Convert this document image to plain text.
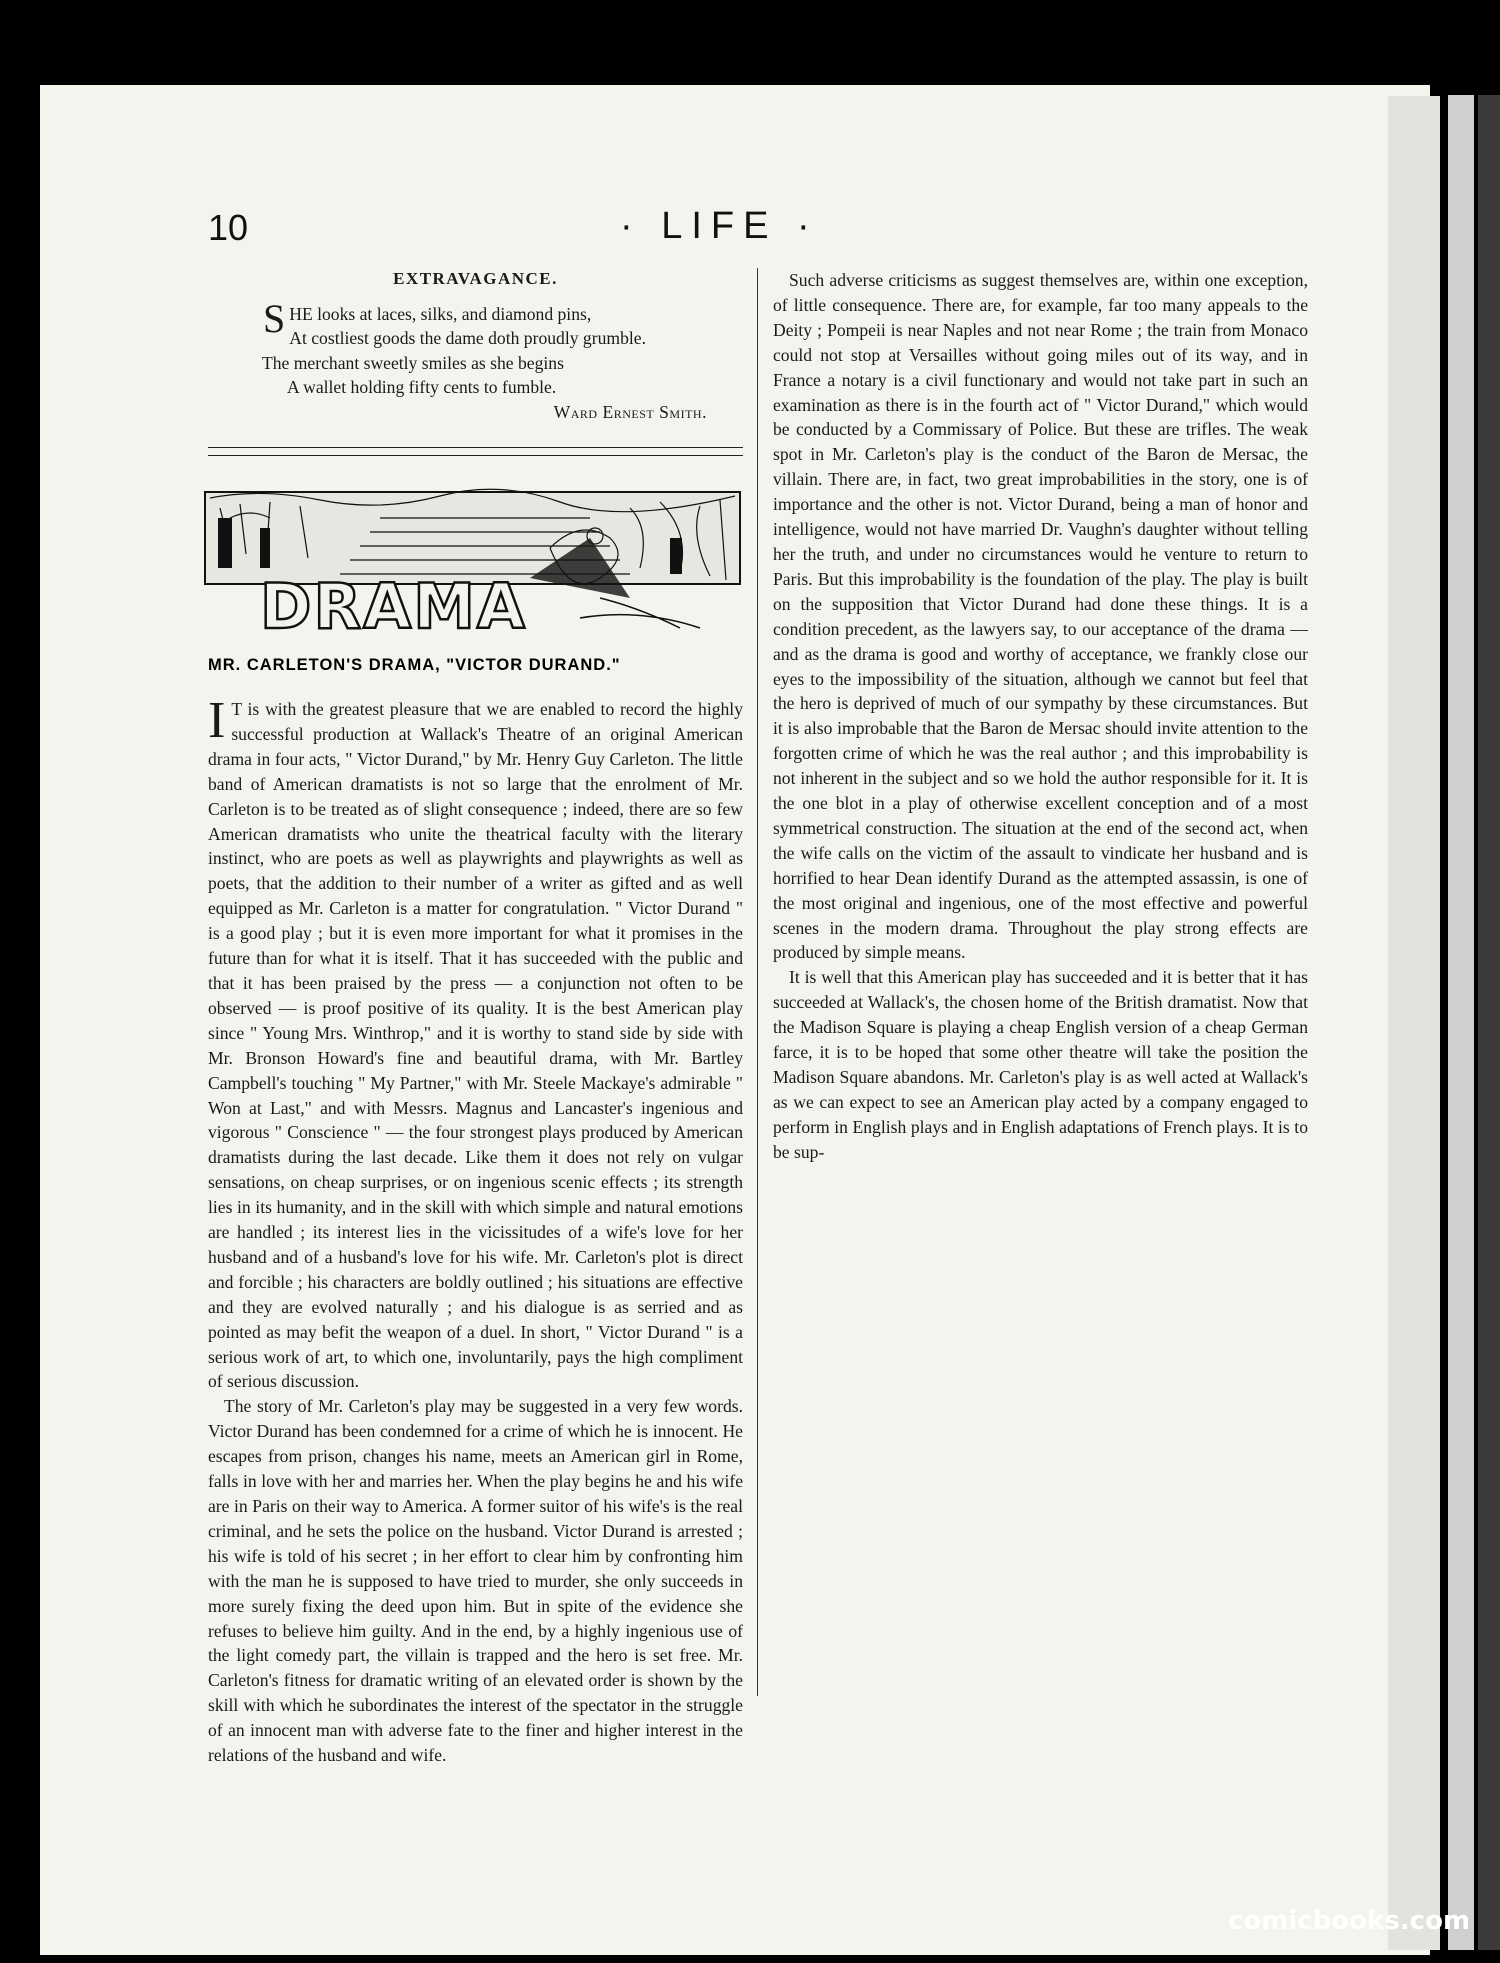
10	· LIFE ·
EXTRAVAGANCE.
S HE looks at laces, silks, and diamond pins,
At costliest goods the dame doth proudly grumble.
The merchant sweetly smiles as she begins
A wallet holding fifty cents to fumble.
Ward Ernest Smith.
DRAMA
MR. CARLETON'S DRAMA, "VICTOR DURAND."

I T is with the greatest pleasure that we are enabled to record the highly successful production at Wallack's Theatre of an original American drama in four acts, " Victor Durand," by Mr. Henry Guy Carleton. The little band of American dramatists is not so large that the enrolment of Mr. Carleton is to be treated as of slight consequence ; indeed, there are so few American dramatists who unite the theatrical faculty with the literary instinct, who are poets as well as playwrights and playwrights as well as poets, that the addition to their number of a writer as gifted and as well equipped as Mr. Carleton is a matter for congratulation. " Victor Durand " is a good play ; but it is even more important for what it promises in the future than for what it is itself. That it has succeeded with the public and that it has been praised by the press — a conjunction not often to be observed — is proof positive of its quality. It is the best American play since " Young Mrs. Winthrop," and it is worthy to stand side by side with Mr. Bronson Howard's fine and beautiful drama, with Mr. Bartley Campbell's touching " My Partner," with Mr. Steele Mackaye's admirable " Won at Last," and with Messrs. Magnus and Lancaster's ingenious and vigorous " Conscience " — the four strongest plays produced by American dramatists during the last decade. Like them it does not rely on vulgar sensations, on cheap surprises, or on ingenious scenic effects ; its strength lies in its humanity, and in the skill with which simple and natural emotions are handled ; its interest lies in the vicissitudes of a wife's love for her husband and of a husband's love for his wife. Mr. Carleton's plot is direct and forcible ; his characters are boldly outlined ; his situations are effective and they are evolved naturally ; and his dialogue is as serried and as pointed as may befit the weapon of a duel. In short, " Victor Durand " is a serious work of art, to which one, involuntarily, pays the high compliment of serious discussion.

The story of Mr. Carleton's play may be suggested in a very few words. Victor Durand has been condemned for a crime of which he is innocent. He escapes from prison, changes his name, meets an American girl in Rome, falls in love with her and marries her. When the play begins he and his wife are in Paris on their way to America. A former suitor of his wife's is the real criminal, and he sets the police on the husband. Victor Durand is arrested ; his wife is told of his secret ; in her effort to clear him by confronting him with the man he is supposed to have tried to murder, she only succeeds in more surely fixing the deed upon him. But in spite of the evidence she refuses to believe him guilty. And in the end, by a highly ingenious use of the light comedy part, the villain is trapped and the hero is set free. Mr. Carleton's fitness for dramatic writing of an elevated order is shown by the skill with which he subordinates the interest of the spectator in the struggle of an innocent man with adverse fate to the finer and higher interest in the relations of the husband and wife.

Such adverse criticisms as suggest themselves are, within one exception, of little consequence. There are, for example, far too many appeals to the Deity ; Pompeii is near Naples and not near Rome ; the train from Monaco could not stop at Versailles without going miles out of its way, and in France a notary is a civil functionary and would not take part in such an examination as there is in the fourth act of " Victor Durand," which would be conducted by a Commissary of Police. But these are trifles. The weak spot in Mr. Carleton's play is the conduct of the Baron de Mersac, the villain. There are, in fact, two great improbabilities in the story, one is of importance and the other is not. Victor Durand, being a man of honor and intelligence, would not have married Dr. Vaughn's daughter without telling her the truth, and under no circumstances would he venture to return to Paris. But this improbability is the foundation of the play. The play is built on the supposition that Victor Durand had done these things. It is a condition precedent, as the lawyers say, to our acceptance of the drama —and as the drama is good and worthy of acceptance, we frankly close our eyes to the impossibility of the situation, although we cannot but feel that the hero is deprived of much of our sympathy by these circumstances. But it is also improbable that the Baron de Mersac should invite attention to the forgotten crime of which he was the real author ; and this improbability is not inherent in the subject and so we hold the author responsible for it. It is the one blot in a play of otherwise excellent conception and of a most symmetrical construction. The situation at the end of the second act, when the wife calls on the victim of the assault to vindicate her husband and is horrified to hear Dean identify Durand as the attempted assassin, is one of the most original and ingenious, one of the most effective and powerful scenes in the modern drama. Throughout the play strong effects are produced by simple means.

It is well that this American play has succeeded and it is better that it has succeeded at Wallack's, the chosen home of the British dramatist. Now that the Madison Square is playing a cheap English version of a cheap German farce, it is to be hoped that some other theatre will take the position the Madison Square abandons. Mr. Carleton's play is as well acted at Wallack's as we can expect to see an American play acted by a company engaged to perform in English plays and in English adaptations of French plays. It is to be sup-

comicbooks.com
